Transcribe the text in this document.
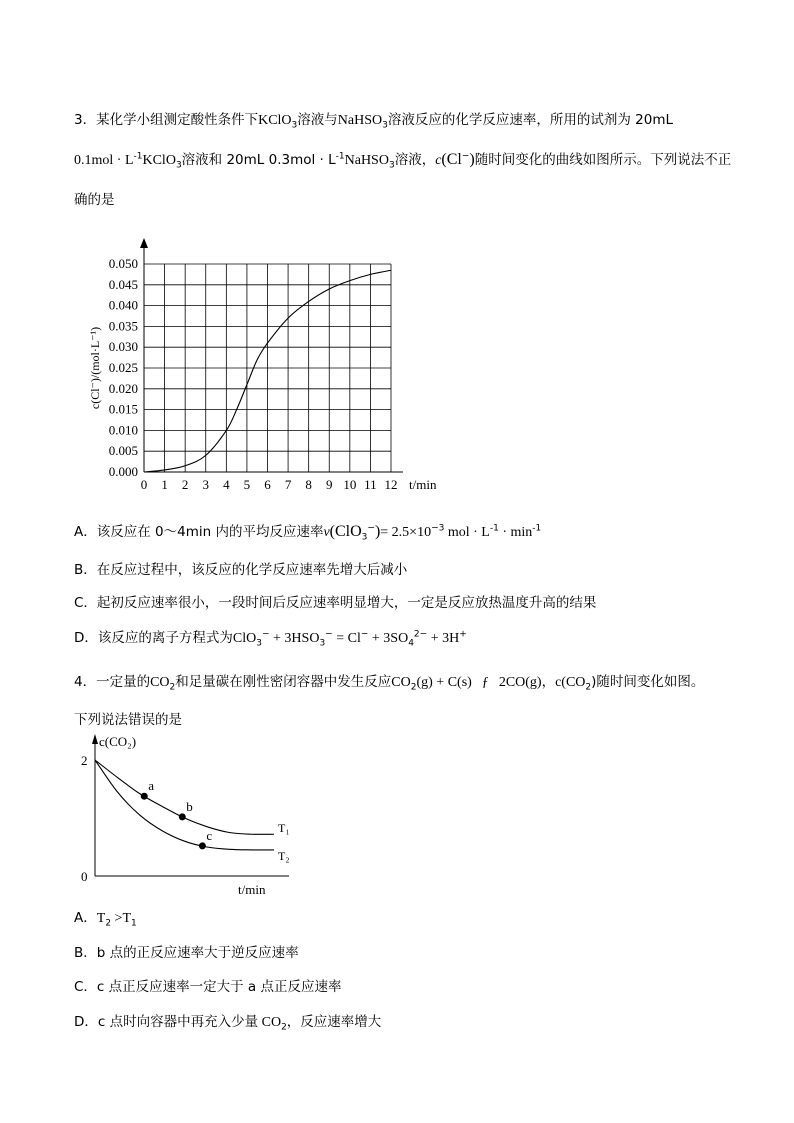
3．某化学小组测定酸性条件下KClO$_3$溶液与NaHSO$_3$溶液反应的化学反应速率，所用的试剂为 20mL
$0.1mol \cdot L^{-1}KClO_3$溶液和 20mL $0.3mol \cdot L^{-1}NaHSO_3$溶液，c(Cl−)随时间变化的曲线如图所示。下列说法不正
确的是
0 1 2 3 4 5 6 7 8 9 10 11 12
0.000
0.005
0.010
0.015
0.020
0.025
0.030
0.035
0.040
0.045
0.050
t/min
c(Cl⁻)/(mol·L⁻¹)
A．该反应在 0～4min 内的平均反应速率$v(ClO_3^-)= 2.5\times 10^{-3}$ mol · $L^{-1} \cdot \min^{-1}$
B．在反应过程中，该反应的化学反应速率先增大后减小
C．起初反应速率很小，一段时间后反应速率明显增大，一定是反应放热温度升高的结果
D．该反应的离子方程式为$ClO_3^- + 3HSO_3^- = Cl^- + 3SO_4^{2-} + 3H^+$
4．一定量的$CO_2$和足量碳在刚性密闭容器中发生反应$CO_2(g) + C(s)$ ƒ 2CO(g)，$c(CO_2)$随时间变化如图。
下列说法错误的是
c(CO₂)
2
0
t/min
T₁
T₂
a
b
c
A．$T_2 >T_1$
B．b 点的正反应速率大于逆反应速率
C．c 点正反应速率一定大于 a 点正反应速率
D．c 点时向容器中再充入少量 $CO_2$，反应速率增大
